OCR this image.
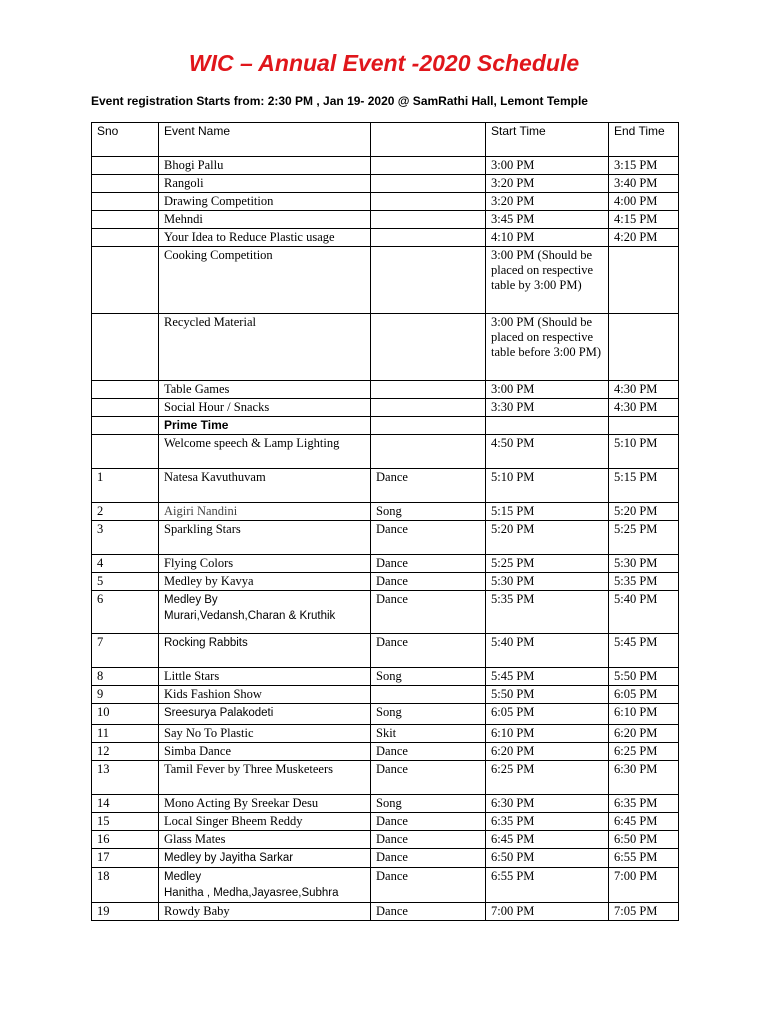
WIC – Annual Event -2020 Schedule
Event registration Starts from: 2:30 PM , Jan 19- 2020 @ SamRathi Hall, Lemont Temple
Sno	Event Name		Start Time	End Time
	Bhogi Pallu		3:00 PM	3:15 PM
	Rangoli		3:20 PM	3:40 PM
	Drawing Competition		3:20 PM	4:00 PM
	Mehndi		3:45 PM	4:15 PM
	Your Idea to Reduce Plastic usage		4:10 PM	4:20 PM
	Cooking Competition		3:00 PM (Should be placed on respective table by 3:00 PM)	
	Recycled Material		3:00 PM (Should be placed on respective table before 3:00 PM)	
	Table Games		3:00 PM	4:30 PM
	Social Hour / Snacks		3:30 PM	4:30 PM
	Prime Time			
	Welcome speech & Lamp Lighting		4:50 PM	5:10 PM
1	Natesa Kavuthuvam	Dance	5:10 PM	5:15 PM
2	Aigiri Nandini	Song	5:15 PM	5:20 PM
3	Sparkling Stars	Dance	5:20 PM	5:25 PM
4	Flying Colors	Dance	5:25 PM	5:30 PM
5	Medley by Kavya	Dance	5:30 PM	5:35 PM
6	Medley By
Murari,Vedansh,Charan & Kruthik	Dance	5:35 PM	5:40 PM
7	Rocking Rabbits	Dance	5:40 PM	5:45 PM
8	Little Stars	Song	5:45 PM	5:50 PM
9	Kids Fashion Show		5:50 PM	6:05 PM
10	Sreesurya Palakodeti	Song	6:05 PM	6:10 PM
11	Say No To Plastic	Skit	6:10 PM	6:20 PM
12	Simba Dance	Dance	6:20 PM	6:25 PM
13	Tamil Fever by Three Musketeers	Dance	6:25 PM	6:30 PM
14	Mono Acting By Sreekar Desu	Song	6:30 PM	6:35 PM
15	Local Singer Bheem Reddy	Dance	6:35 PM	6:45 PM
16	Glass Mates	Dance	6:45 PM	6:50 PM
17	Medley by Jayitha Sarkar	Dance	6:50 PM	6:55 PM
18	Medley
Hanitha , Medha,Jayasree,Subhra	Dance	6:55 PM	7:00 PM
19	Rowdy Baby	Dance	7:00 PM	7:05 PM
